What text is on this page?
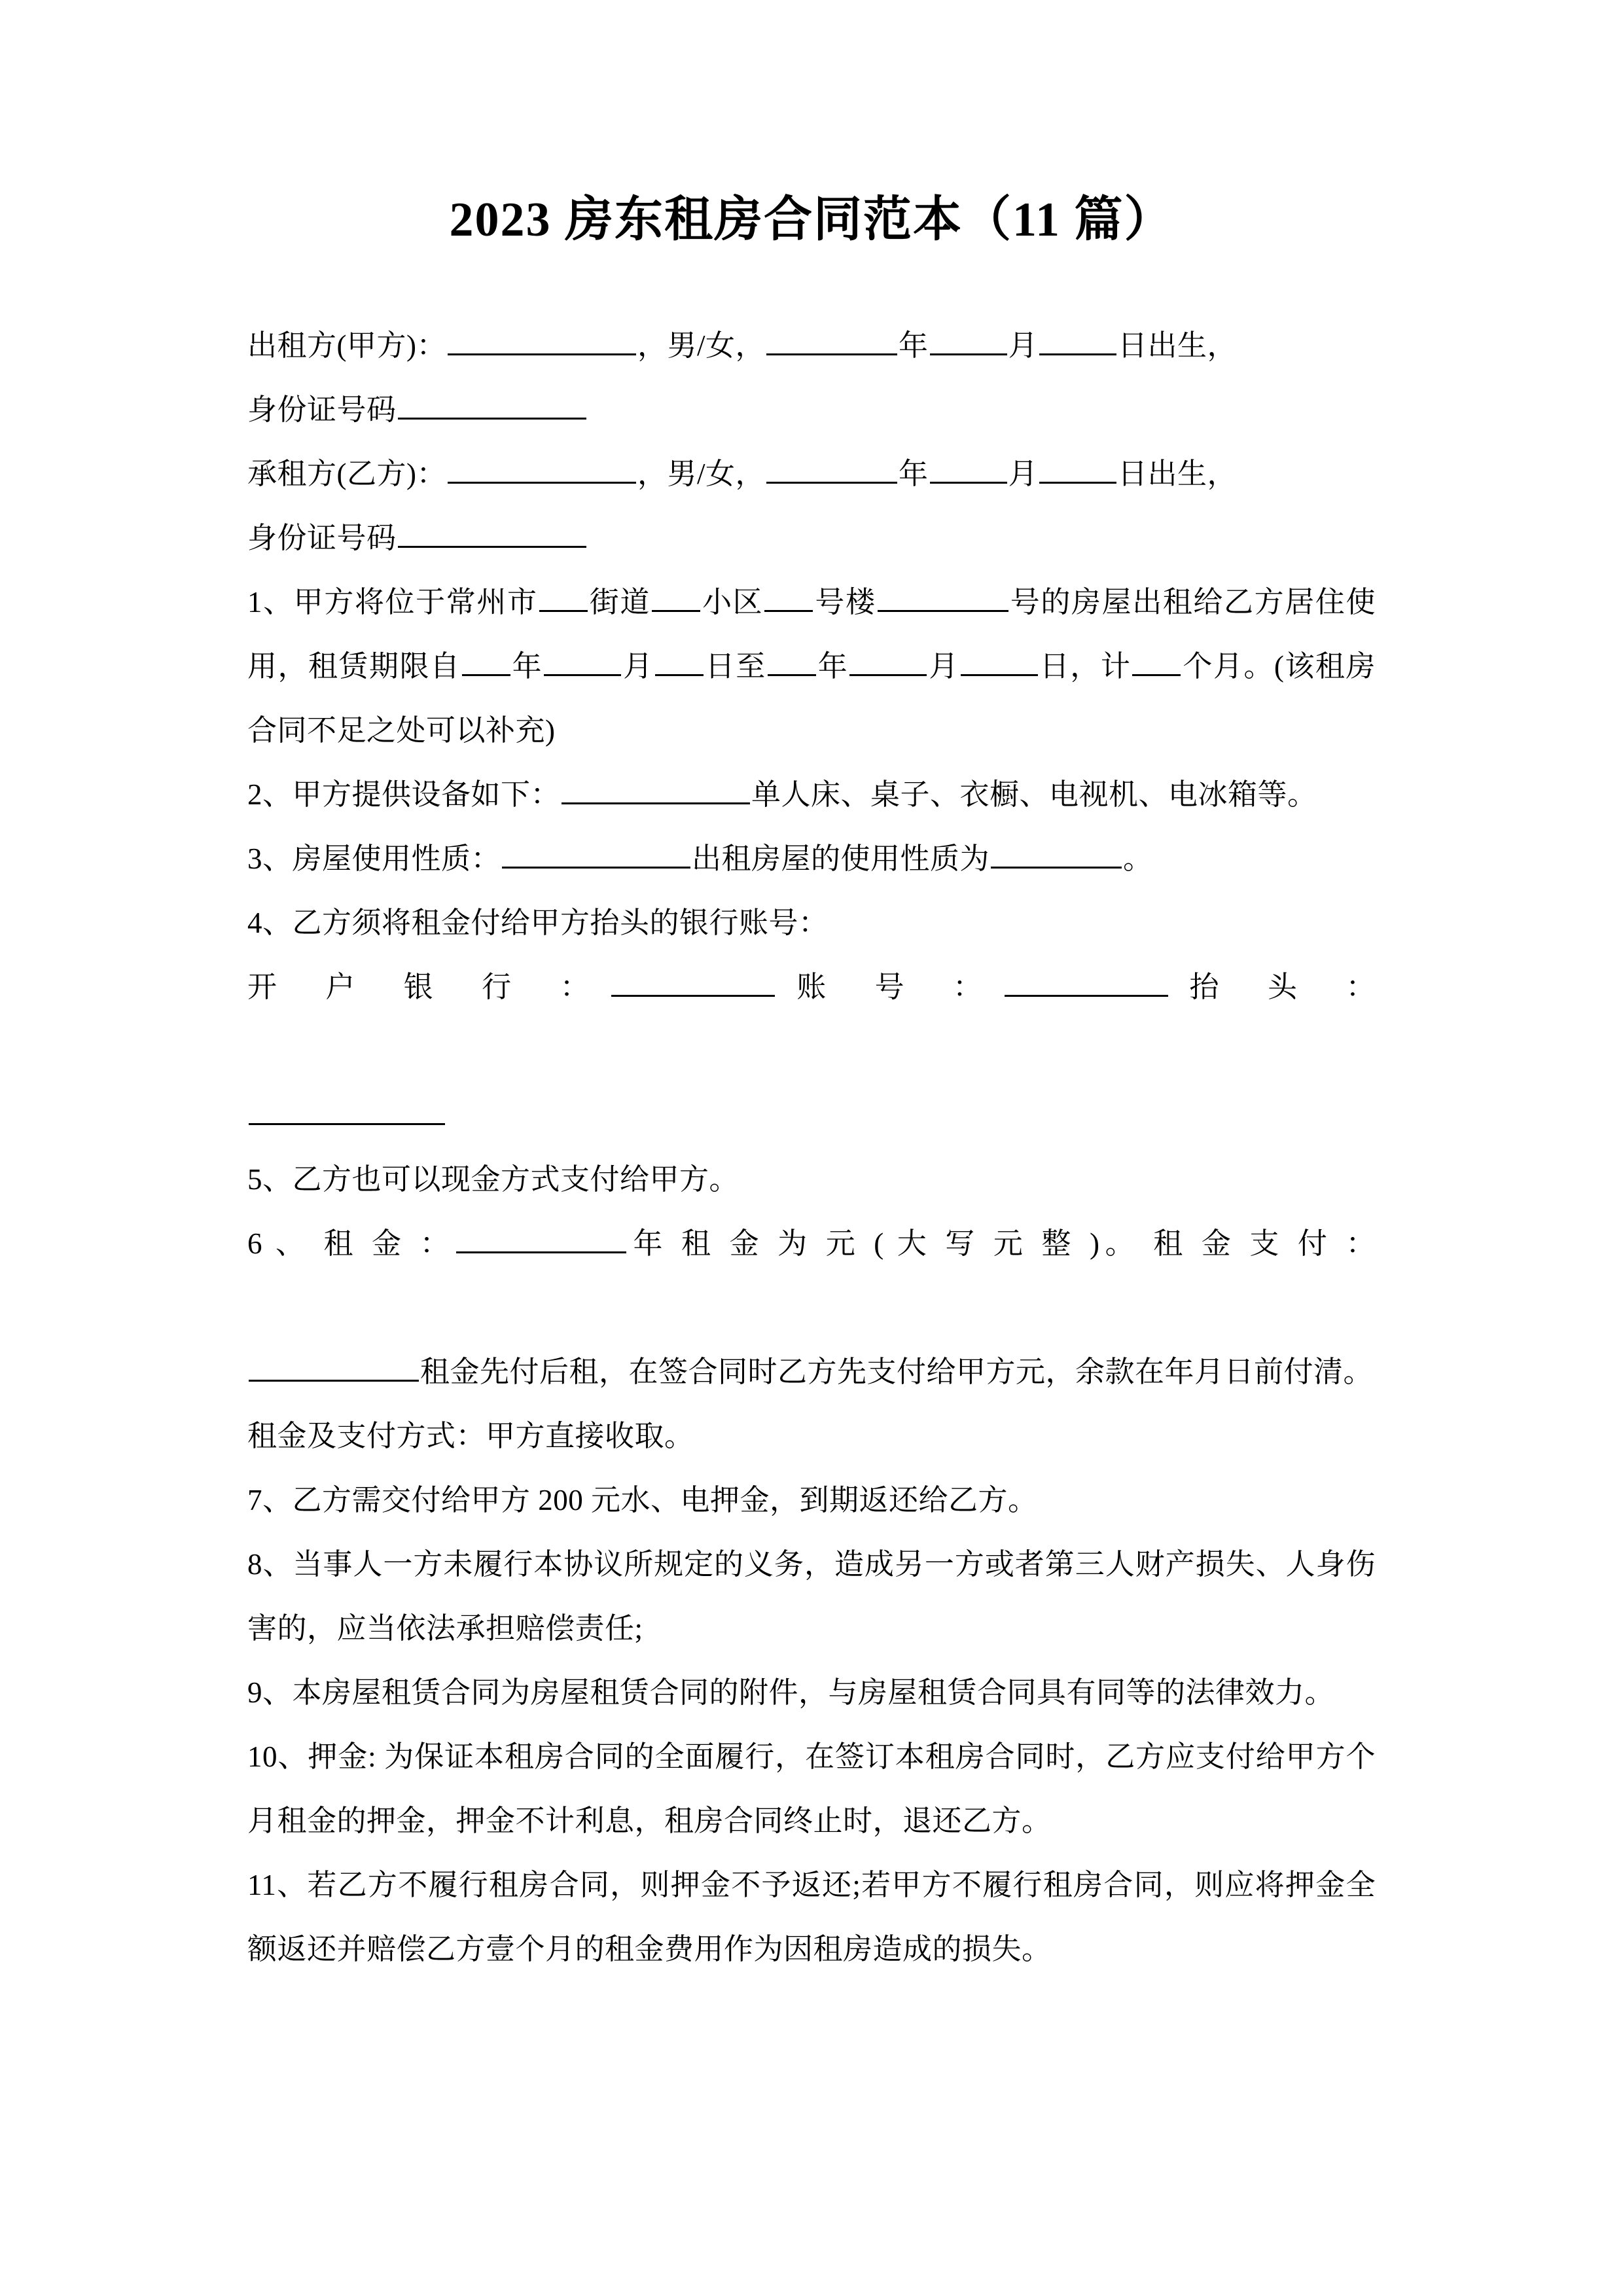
2023 房东租房合同范本（11 篇）

出租方(甲方)：	，男/女，	年	月	日出生，

身份证号码

承租方(乙方)：	，男/女，	年	月	日出生，

身份证号码

1、甲方将位于常州市 街道 小区 号楼	号的房屋出租给乙方居住使用，租赁期限自 年	月 日至 年	月	日，计 个月。(该租房合同不足之处可以补充)

2、甲方提供设备如下：	单人床、桌子、衣橱、电视机、电冰箱等。

3、房屋使用性质：	出租房屋的使用性质为	。

4、乙方须将租金付给甲方抬头的银行账号：

开 户 银 行 ：	账 号 ：	抬 头 ：

5、乙方也可以现金方式支付给甲方。

6 、 租 金 ：	年 租 金 为 元 ( 大 写 元 整 )。 租 金 支 付 ：

租金先付后租，在签合同时乙方先支付给甲方元，余款在年月日前付清。

租金及支付方式：甲方直接收取。

7、乙方需交付给甲方 200 元水、电押金，到期返还给乙方。

8、当事人一方未履行本协议所规定的义务，造成另一方或者第三人财产损失、人身伤害的，应当依法承担赔偿责任;

9、本房屋租赁合同为房屋租赁合同的附件，与房屋租赁合同具有同等的法律效力。

10、押金: 为保证本租房合同的全面履行，在签订本租房合同时，乙方应支付给甲方个月租金的押金，押金不计利息，租房合同终止时，退还乙方。

11、若乙方不履行租房合同，则押金不予返还;若甲方不履行租房合同，则应将押金全额返还并赔偿乙方壹个月的租金费用作为因租房造成的损失。
